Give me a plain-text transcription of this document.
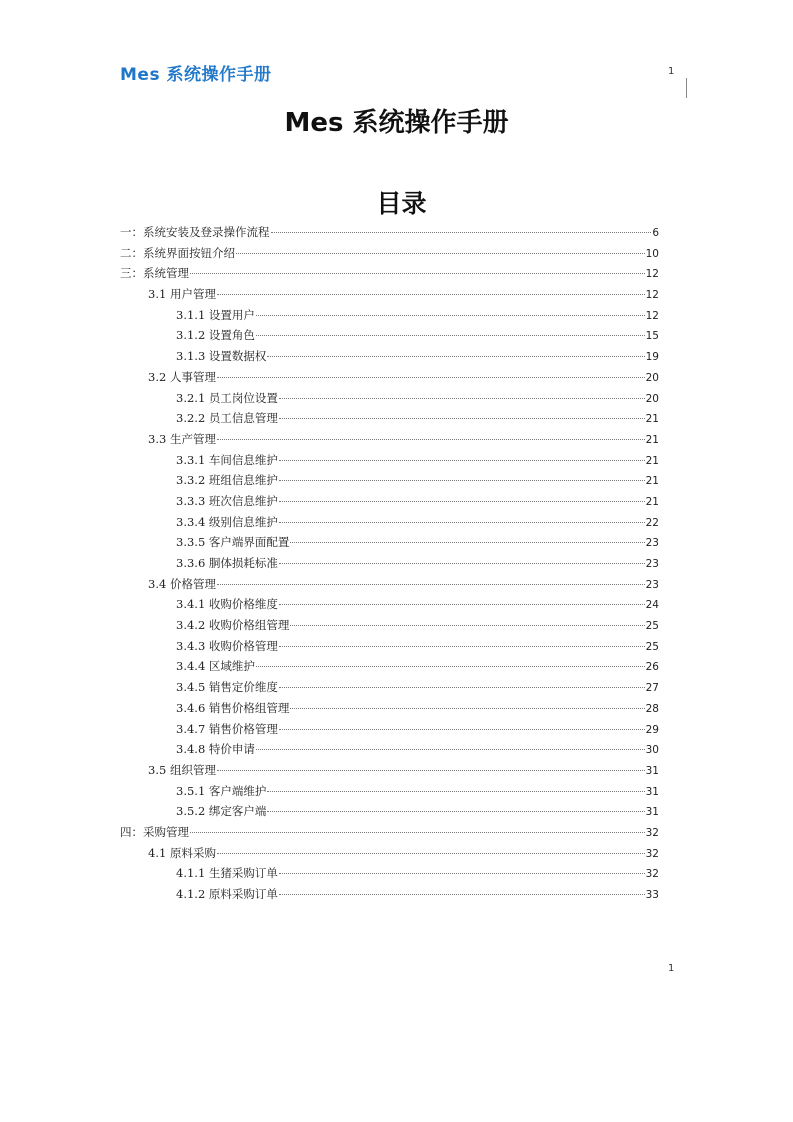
Mes 系统操作手册	1
Mes 系统操作手册
目录
一：系统安装及登录操作流程	6
二：系统界面按钮介绍	10
三：系统管理	12
3.1 用户管理	12
3.1.1 设置用户	12
3.1.2 设置角色	15
3.1.3 设置数据权	19
3.2 人事管理	20
3.2.1 员工岗位设置	20
3.2.2 员工信息管理	21
3.3 生产管理	21
3.3.1 车间信息维护	21
3.3.2 班组信息维护	21
3.3.3 班次信息维护	21
3.3.4 级别信息维护	22
3.3.5 客户端界面配置	23
3.3.6 胴体损耗标准	23
3.4 价格管理	23
3.4.1 收购价格维度	24
3.4.2 收购价格组管理	25
3.4.3 收购价格管理	25
3.4.4 区域维护	26
3.4.5 销售定价维度	27
3.4.6 销售价格组管理	28
3.4.7 销售价格管理	29
3.4.8 特价申请	30
3.5 组织管理	31
3.5.1 客户端维护	31
3.5.2 绑定客户端	31
四：采购管理	32
4.1 原料采购	32
4.1.1 生猪采购订单	32
4.1.2 原料采购订单	33
1
